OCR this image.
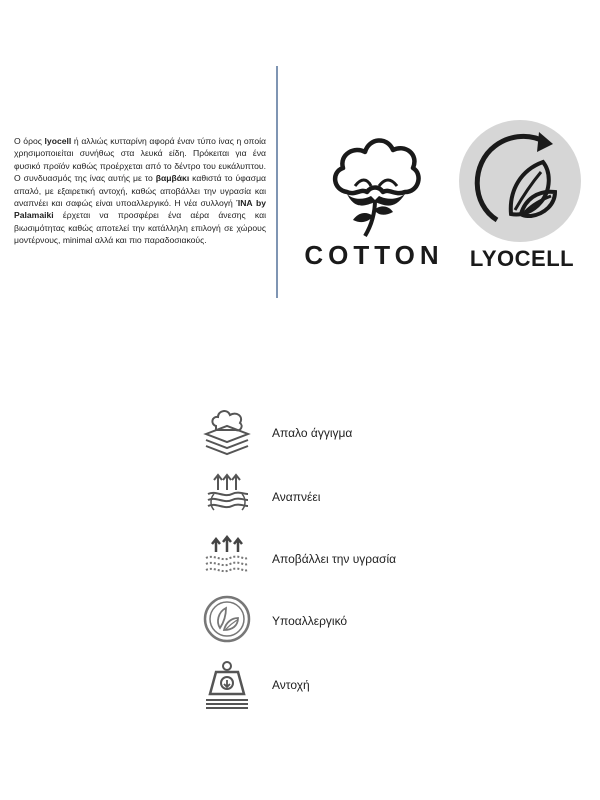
Ο όρος lyocell ή αλλιώς κυτταρίνη αφορά έναν τύπο ίνας η οποία χρησιμοποιείται συνήθως στα λευκά είδη. Πρόκειται για ένα φυσικό προϊόν καθώς προέρχεται από το δέντρο του ευκάλυπτου. Ο συνδυασμός της ίνας αυτής με το βαμβάκι καθιστά το ύφασμα απαλό, με εξαιρετική αντοχή, καθώς αποβάλλει την υγρασία και αναπνέει και σαφώς είναι υποαλλεργικό. Η νέα συλλογή ΊΝΑ by Palamaiki έρχεται να προσφέρει ένα αέρα άνεσης και βιωσιμότητας καθώς αποτελεί την κατάλληλη επιλογή σε χώρους μοντέρνους, minimal αλλά και πιο παραδοσιακούς.	COTTON	LYOCELL
Απαλο άγγιγμα
Αναπνέει
Αποβάλλει την υγρασία
Υποαλλεργικό
Αντοχή
